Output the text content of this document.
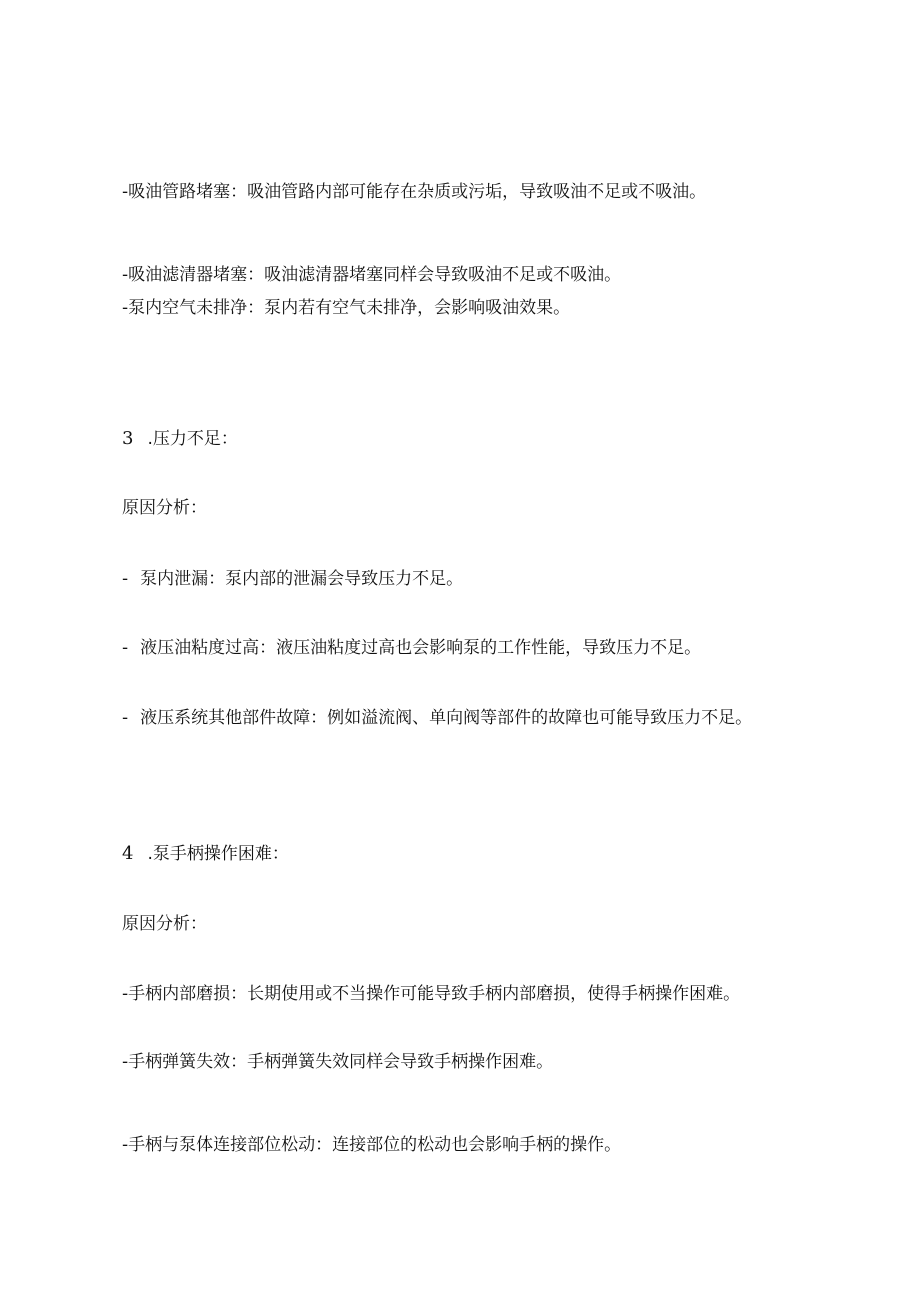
-吸油管路堵塞：吸油管路内部可能存在杂质或污垢，导致吸油不足或不吸油。
-吸油滤清器堵塞：吸油滤清器堵塞同样会导致吸油不足或不吸油。
-泵内空气未排净：泵内若有空气未排净，会影响吸油效果。
3 .压力不足：
原因分析：
- 泵内泄漏：泵内部的泄漏会导致压力不足。
- 液压油粘度过高：液压油粘度过高也会影响泵的工作性能，导致压力不足。
- 液压系统其他部件故障：例如溢流阀、单向阀等部件的故障也可能导致压力不足。
4 .泵手柄操作困难：
原因分析：
-手柄内部磨损：长期使用或不当操作可能导致手柄内部磨损，使得手柄操作困难。
-手柄弹簧失效：手柄弹簧失效同样会导致手柄操作困难。
-手柄与泵体连接部位松动：连接部位的松动也会影响手柄的操作。
